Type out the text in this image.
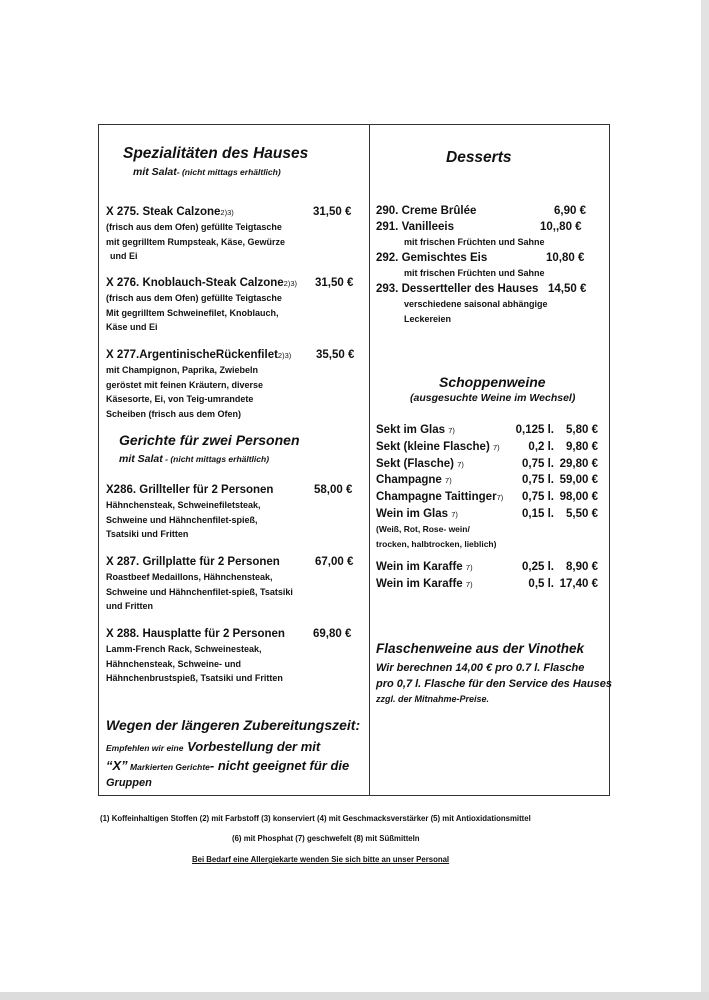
Spezialitäten des Hauses
mit Salat- (nicht mittags erhältlich)
X 275. Steak Calzone2)3)	31,50 €
(frisch aus dem Ofen) gefüllte Teigtasche
mit gegrilltem Rumpsteak, Käse, Gewürze
und Ei
X 276. Knoblauch-Steak Calzone2)3) 31,50 €
(frisch aus dem Ofen) gefüllte Teigtasche
Mit gegrilltem Schweinefilet, Knoblauch,
Käse und Ei
X 277.ArgentinischeRückenfilet2)3) 35,50 €
mit Champignon, Paprika, Zwiebeln
geröstet mit feinen Kräutern, diverse
Käsesorte, Ei, von Teig-umrandete
Scheiben (frisch aus dem Ofen)
Gerichte für zwei Personen
mit Salat - (nicht mittags erhältlich)
X286. Grillteller für 2 Personen	58,00 €
Hähnchensteak, Schweinefiletsteak,
Schweine und Hähnchenfilet-spieß,
Tsatsiki und Fritten
X 287. Grillplatte für 2 Personen	67,00 €
Roastbeef Medaillons, Hähnchensteak,
Schweine und Hähnchenfilet-spieß, Tsatsiki
und Fritten
X 288. Hausplatte für 2 Personen 69,80 €
Lamm-French Rack, Schweinesteak,
Hähnchensteak, Schweine- und
Hähnchenbrustspieß, Tsatsiki und Fritten
Wegen der längeren Zubereitungszeit:
Empfehlen wir eine Vorbestellung der mit
“X” Markierten Gerichte- nicht geeignet für die
Gruppen
Desserts
290. Creme Brûlée	6,90 €
291. Vanilleeis	10,,80 €
mit frischen Früchten und Sahne
292. Gemischtes Eis	10,80 €
mit frischen Früchten und Sahne
293. Dessertteller des Hauses 14,50 €
verschiedene saisonal abhängige
Leckereien
Schoppenweine
(ausgesuchte Weine im Wechsel)
Sekt im Glas 7)	0,125 l.	5,80 €
Sekt (kleine Flasche) 7)	0,2 l.	9,80 €
Sekt (Flasche) 7)	0,75 l. 29,80 €
Champagne 7)	0,75 l. 59,00 €
Champagne Taittinger7)	0,75 l. 98,00 €
Wein im Glas 7)	0,15 l.	5,50 €
(Weiß, Rot, Rose- wein/
trocken, halbtrocken, lieblich)
Wein im Karaffe 7)	0,25 l.	8,90 €
Wein im Karaffe 7)	0,5 l. 17,40 €
Flaschenweine aus der Vinothek
Wir berechnen 14,00 € pro 0.7 l. Flasche
pro 0,7 l. Flasche für den Service des Hauses
zzgl. der Mitnahme-Preise.
(1) Koffeinhaltigen Stoffen (2) mit Farbstoff (3) konserviert (4) mit Geschmacksverstärker (5) mit Antioxidationsmittel
(6) mit Phosphat (7) geschwefelt (8) mit Süßmitteln
Bei Bedarf eine Allergiekarte wenden Sie sich bitte an unser Personal
